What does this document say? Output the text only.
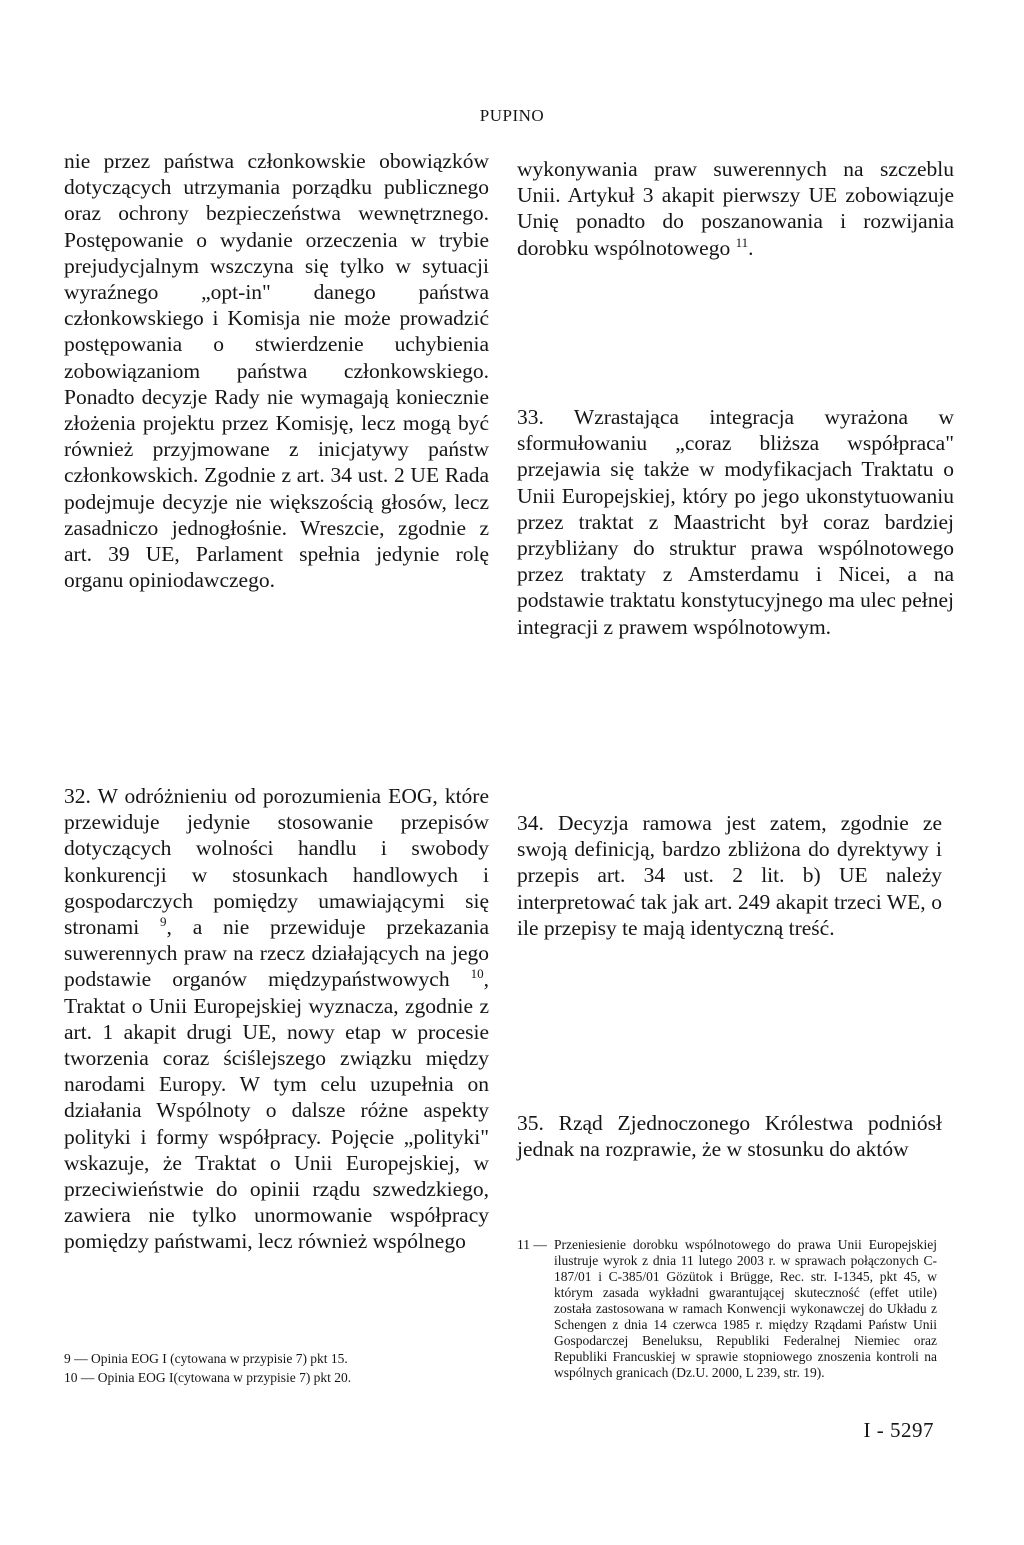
PUPINO

nie przez państwa członkowskie obowiązków dotyczących utrzymania porządku publicznego oraz ochrony bezpieczeństwa wewnętrznego. Postępowanie o wydanie orzeczenia w trybie prejudycjalnym wszczyna się tylko w sytuacji wyraźnego „opt-in" danego państwa członkowskiego i Komisja nie może prowadzić postępowania o stwierdzenie uchybienia zobowiązaniom państwa członkowskiego. Ponadto decyzje Rady nie wymagają koniecznie złożenia projektu przez Komisję, lecz mogą być również przyjmowane z inicjatywy państw członkowskich. Zgodnie z art. 34 ust. 2 UE Rada podejmuje decyzje nie większością głosów, lecz zasadniczo jednogłośnie. Wreszcie, zgodnie z art. 39 UE, Parlament spełnia jedynie rolę organu opiniodawczego.

wykonywania praw suwerennych na szczeblu Unii. Artykuł 3 akapit pierwszy UE zobowiązuje Unię ponadto do poszanowania i rozwijania dorobku wspólnotowego $^{11}$.

33. Wzrastająca integracja wyrażona w sformułowaniu „coraz bliższa współpraca" przejawia się także w modyfikacjach Traktatu o Unii Europejskiej, który po jego ukonstytuowaniu przez traktat z Maastricht był coraz bardziej przybliżany do struktur prawa wspólnotowego przez traktaty z Amsterdamu i Nicei, a na podstawie traktatu konstytucyjnego ma ulec pełnej integracji z prawem wspólnotowym.

32. W odróżnieniu od porozumienia EOG, które przewiduje jedynie stosowanie przepisów dotyczących wolności handlu i swobody konkurencji w stosunkach handlowych i gospodarczych pomiędzy umawiającymi się stronami $^9$, a nie przewiduje przekazania suwerennych praw na rzecz działających na jego podstawie organów międzypaństwowych $^{10}$, Traktat o Unii Europejskiej wyznacza, zgodnie z art. 1 akapit drugi UE, nowy etap w procesie tworzenia coraz ściślejszego związku między narodami Europy. W tym celu uzupełnia on działania Wspólnoty o dalsze różne aspekty polityki i formy współpracy. Pojęcie „polityki" wskazuje, że Traktat o Unii Europejskiej, w przeciwieństwie do opinii rządu szwedzkiego, zawiera nie tylko unormowanie współpracy pomiędzy państwami, lecz również wspólnego

34. Decyzja ramowa jest zatem, zgodnie ze swoją definicją, bardzo zbliżona do dyrektywy i przepis art. 34 ust. 2 lit. b) UE należy interpretować tak jak art. 249 akapit trzeci WE, o ile przepisy te mają identyczną treść.

35. Rząd Zjednoczonego Królestwa podniósł jednak na rozprawie, że w stosunku do aktów

9 — Opinia EOG I (cytowana w przypisie 7) pkt 15.
10 — Opinia EOG I(cytowana w przypisie 7) pkt 20.
11 — Przeniesienie dorobku wspólnotowego do prawa Unii Europejskiej ilustruje wyrok z dnia 11 lutego 2003 r. w sprawach połączonych C-187/01 i C-385/01 Gözütok i Brügge, Rec. str. I-1345, pkt 45, w którym zasada wykładni gwarantującej skuteczność (effet utile) została zastosowana w ramach Konwencji wykonawczej do Układu z Schengen z dnia 14 czerwca 1985 r. między Rządami Państw Unii Gospodarczej Beneluksu, Republiki Federalnej Niemiec oraz Republiki Francuskiej w sprawie stopniowego znoszenia kontroli na wspólnych granicach (Dz.U. 2000, L 239, str. 19).
I - 5297
